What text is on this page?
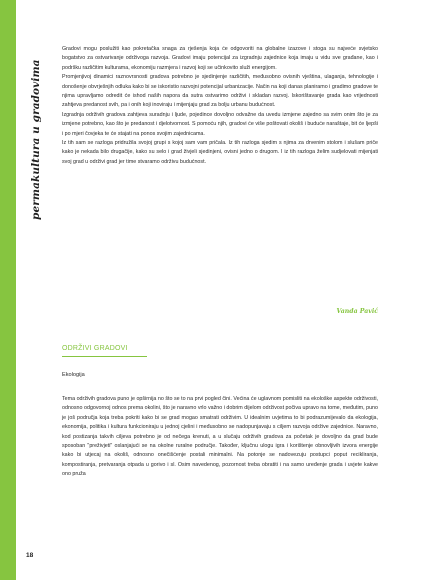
permakultura u gradovima

Gradovi mogu poslužiti kao pokretačka snaga za rješenja koja će odgovoriti na globalne izazove i stoga su najveće svjetsko bogatstvo za ostvarivanje održivoga razvoja. Gradovi imaju potencijal za izgradnju zajednice koja imaju u vidu sve građane, kao i podršku različitim kulturama, ekonomiju razmjera i razvoj koji se učinkovito služi energijom.

Promjenjivoj dinamici raznovrsnosti gradova potrebno je sjedinjenje različitih, međusobno ovisnih vještina, ulaganja, tehnologije i donošenje obvrješnjih odluka kako bi se iskoristio razvojni potencijal urbanizacije. Način na koji danas planiramo i gradimo gradove te njima upravljamo odredit će ishod naših napora da sutra ostvarimo održivi i skladan razvoj. Iskorištavanje grada kao vrijednosti zahtjeva predanost svih, pa i onih koji inoviraju i mijenjaju grad za bolju urbanu budućnost.

Izgradnja održivih gradova zahtjeva suradnju i ljude, pojedince dovoljno odvažne da uvedu izmjene zajedno sa svim onim što je za izmjene potrebno, kao što je predanost i djelotvornost. S pomoću njih, gradovi će više poštovati okoliš i buduće naraštaje, bit će ljepši i po mjeri čovjeka te će stajati na ponos svojim zajednicama.

Iz tih sam se razloga pridružila svojoj grupi s kojoj sam vam pričala. Iz tih razloga sjedim s njima za drvenim stolom i slušam priče kako je nekada bilo drugačije, kako su selo i grad živjeli sjedinjeni, ovisni jedno o drugom. I iz tih razloga želim sudjelovati mijenjati svoj grad u održivi grad jer time stvaramo održivu budućnost.

Vanda Pavić
ODRŽIVI GRADOVI
Ekologija

Tema održivih gradova puno je opširnija no što se to na prvi pogled čini. Većina će uglavnom pomisliti na ekološke aspekte održivosti, odnosno odgovornoj odnos prema okolini, što je naravno vrlo važno i dobrim dijelom održivost počiva upravo na tome, međutim, puno je još područja koja treba pokriti kako bi se grad mogao smatrati održivim. U idealnim uvjetima to bi podrazumijevalo da ekologija, ekonomija, politika i kultura funkcioniraju u jednoj cjelini i međusobno se nadopunjavaju s ciljem razvoja održive zajednice. Naravno, kod postizanja takvih ciljeva potrebno je od nečega krenuti, a u slučaju održivih gradova za početak je dovoljno da grad bude sposoban "preživjeti" oslanjajući se na okolne ruralne područje. Također, ključnu ulogu igra i korištenje obnovljivih izvora energije kako bi utjecaj na okoliš, odnosno onečišćenje postali minimalni. Na potonje se nadovezuju postupci poput recikliranja, kompostiranja, pretvaranja otpada u gorivo i sl. Osim navedenog, pozornost treba obratiti i na samo uređenje grada i uvjete kakve ono pruža

18
